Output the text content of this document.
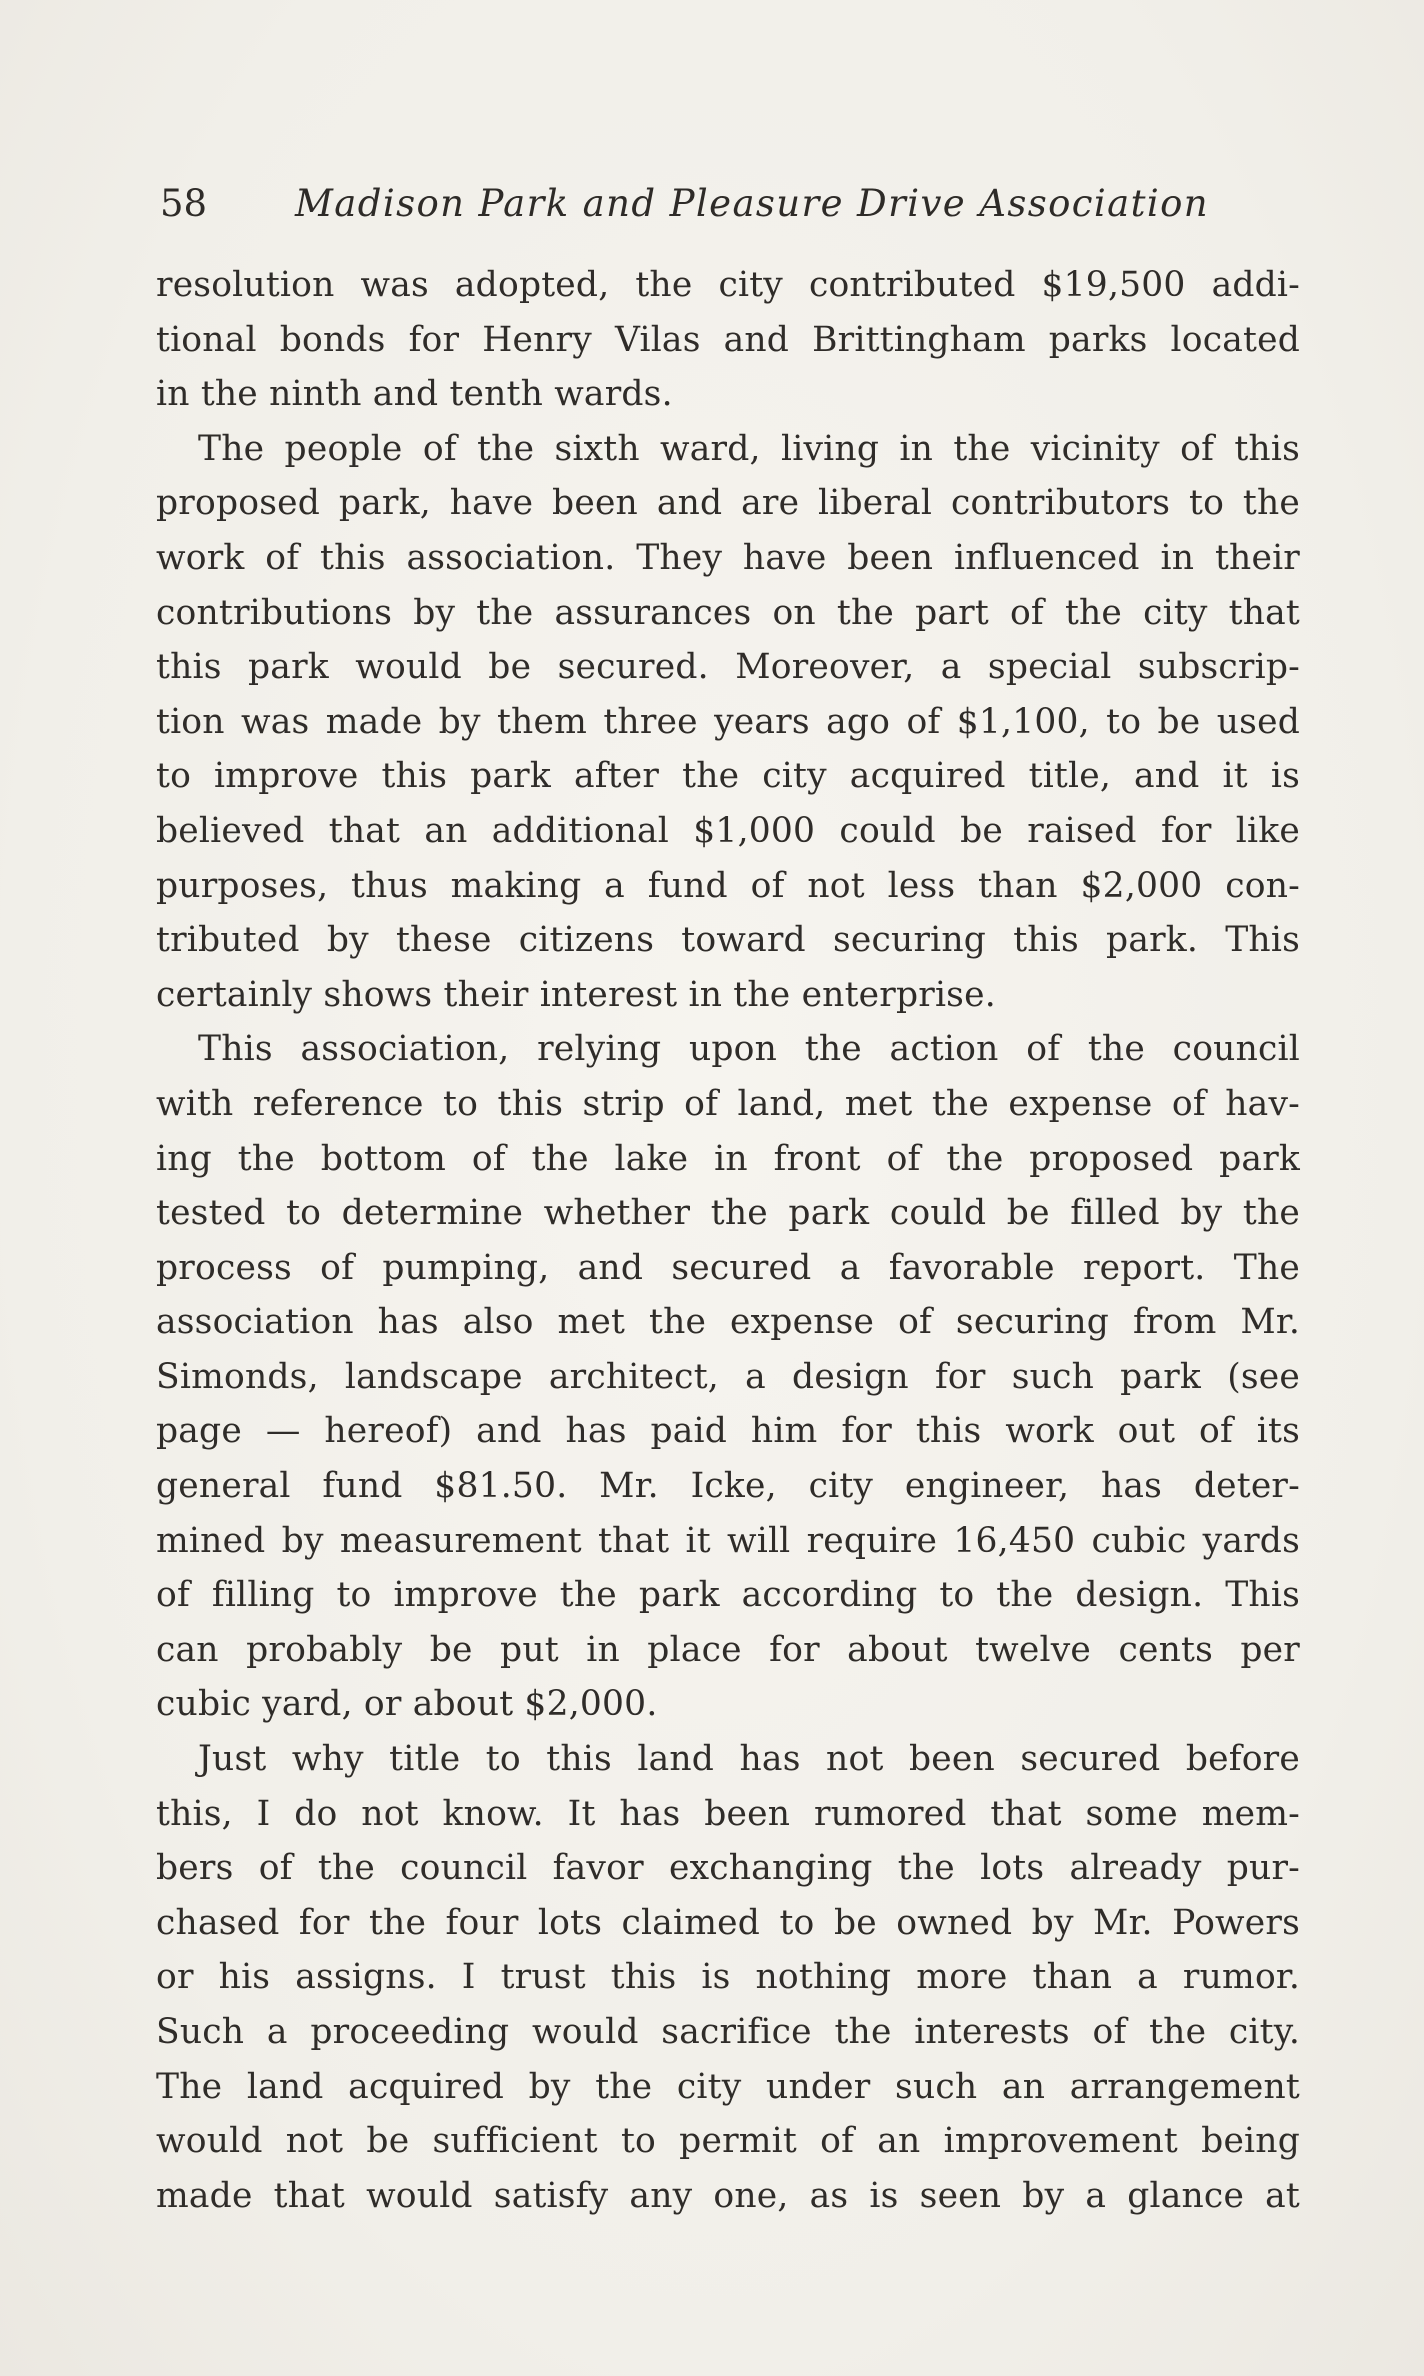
58 Madison Park and Pleasure Drive Association
resolution was adopted, the city contributed $19,500 addi-
tional bonds for Henry Vilas and Brittingham parks located
in the ninth and tenth wards.
The people of the sixth ward, living in the vicinity of this
proposed park, have been and are liberal contributors to the
work of this association. They have been influenced in their
contributions by the assurances on the part of the city that
this park would be secured. Moreover, a special subscrip-
tion was made by them three years ago of $1,100, to be used
to improve this park after the city acquired title, and it is
believed that an additional $1,000 could be raised for like
purposes, thus making a fund of not less than $2,000 con-
tributed by these citizens toward securing this park. This
certainly shows their interest in the enterprise.
This association, relying upon the action of the council
with reference to this strip of land, met the expense of hav-
ing the bottom of the lake in front of the proposed park
tested to determine whether the park could be filled by the
process of pumping, and secured a favorable report. The
association has also met the expense of securing from Mr.
Simonds, landscape architect, a design for such park (see
page — hereof) and has paid him for this work out of its
general fund $81.50. Mr. Icke, city engineer, has deter-
mined by measurement that it will require 16,450 cubic yards
of filling to improve the park according to the design. This
can probably be put in place for about twelve cents per
cubic yard, or about $2,000.
Just why title to this land has not been secured before
this, I do not know. It has been rumored that some mem-
bers of the council favor exchanging the lots already pur-
chased for the four lots claimed to be owned by Mr. Powers
or his assigns. I trust this is nothing more than a rumor.
Such a proceeding would sacrifice the interests of the city.
The land acquired by the city under such an arrangement
would not be sufficient to permit of an improvement being
made that would satisfy any one, as is seen by a glance at
